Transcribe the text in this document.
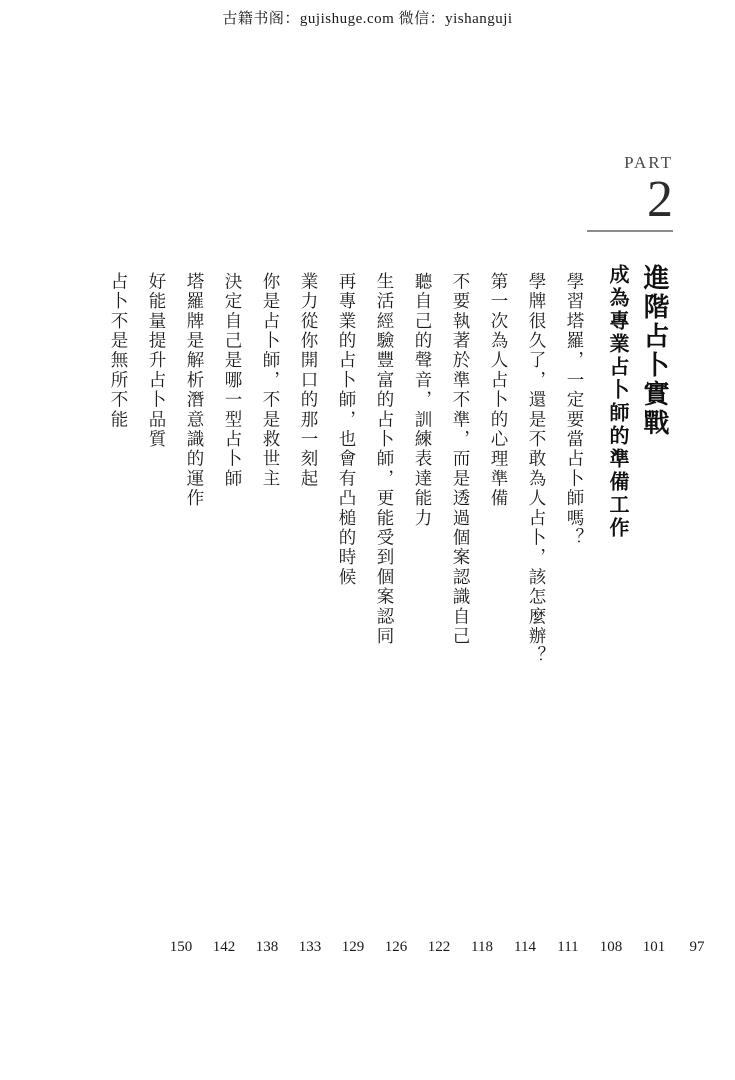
古籍书阁：gujishuge.com 微信：yishanguji
PART
2
進階占卜實戰
成為專業占卜師的準備工作
學習塔羅，一定要當占卜師嗎？
97
學牌很久了，還是不敢為人占卜，該怎麼辦？
101
第一次為人占卜的心理準備
108
不要執著於準不準，而是透過個案認識自己
111
聽自己的聲音，訓練表達能力
114
生活經驗豐富的占卜師，更能受到個案認同
118
再專業的占卜師，也會有凸槌的時候
122
業力從你開口的那一刻起
126
你是占卜師，不是救世主
129
決定自己是哪一型占卜師
133
塔羅牌是解析潛意識的運作
138
好能量提升占卜品質
142
占卜不是無所不能
150
